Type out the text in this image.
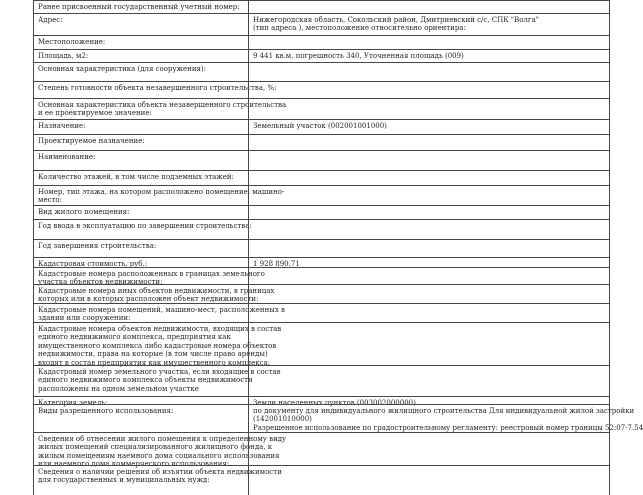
Ранее присвоенный государственный учетный номер:
Адрес:	Нижегородская область, Сокольский район, Дмитриевский с/с, СПК "Волга"
(тип адреса ), местоположение относительно ориентира:
Местоположение:
Площадь, м2:	9 441 кв.м, погрешность 340, Уточненная площадь (009)
Основная характеристика (для сооружения):
Степень готовности объекта незавершенного строительства, %:
Основная характеристика объекта незавершенного строительства
и ее проектируемое значение:
Назначение:	Земельный участок (002001001000)
Проектируемое назначение:
Наименование:
Количество этажей, в том числе подземных этажей:
Номер, тип этажа, на котором расположено помещение, машино-
место:
Вид жилого помещения:
Год ввода в эксплуатацию по завершении строительства:
Год завершения строительства:
Кадастровая стоимость, руб.:	1 928 890.71
Кадастровые номера расположенных в границах земельного
участка объектов недвижимости:
Кадастровые номера иных объектов недвижимости, в границах
которых или в которых расположен объект недвижимости:
Кадастровые номера помещений, машино-мест, расположенных в
здании или сооружении:
Кадастровые номера объектов недвижимости, входящих в состав
единого недвижимого комплекса, предприятия как
имущественного комплекса либо кадастровые номера объектов
недвижимости, права на которые (в том числе право аренды)
входят в состав предприятия как имущественного комплекса:
Кадастровый номер земельного участка, если входящие в состав
единого недвижимого комплекса объекты недвижимости
расположены на одном земельном участке
Категория земель:	Земли населенных пунктов (003002000000)
Виды разрешенного использования:	по документу для индивидуального жилищного строительства Для индивидуальной жилой застройки
(142001010000)
Разрешенное использование по градостроительному регламенту: реестровый номер границы 52:07-7.54
Сведения об отнесении жилого помещения к определенному виду
жилых помещений специализированного жилищного фонда, к
жилым помещениям наемного дома социального использования
или наемного дома коммерческого использования:
Сведения о наличии решения об изъятии объекта недвижимости
для государственных и муниципальных нужд:
